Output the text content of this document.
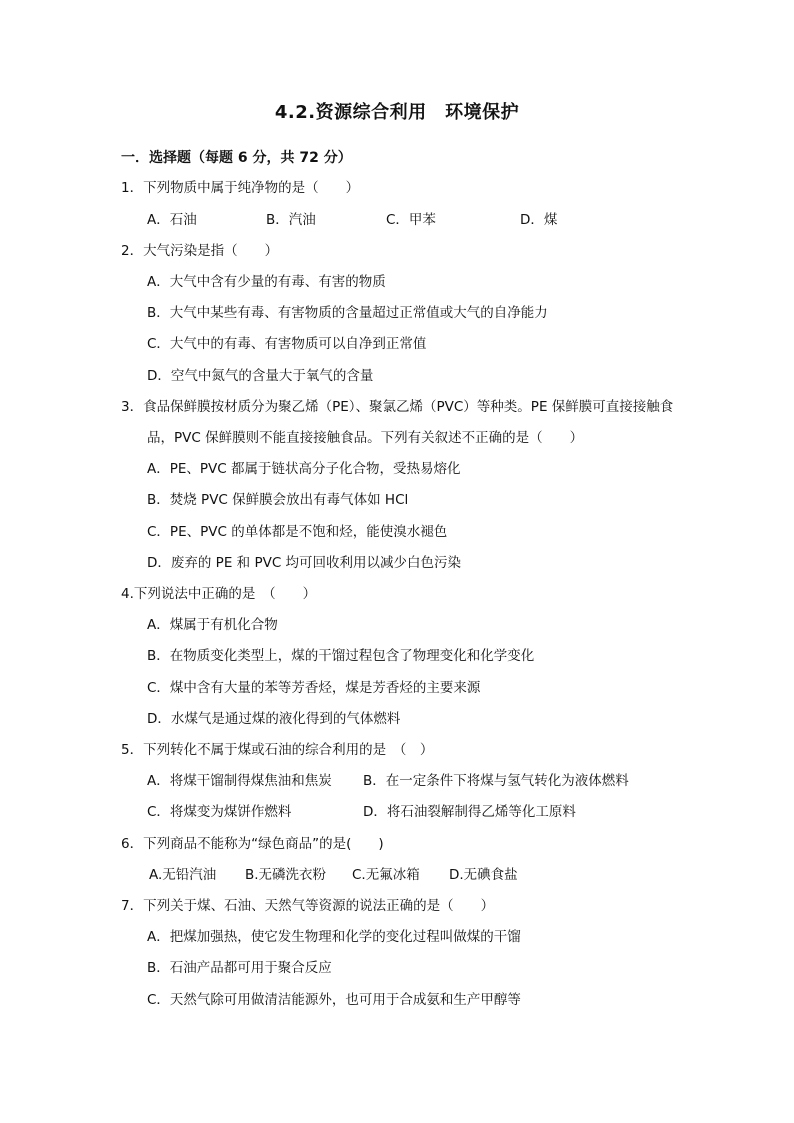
4.2.资源综合利用　环境保护
一．选择题（每题 6 分，共 72 分）
1．下列物质中属于纯净物的是（　　）
A．石油	B．汽油	C．甲苯	D．煤
2．大气污染是指（　　）
A．大气中含有少量的有毒、有害的物质
B．大气中某些有毒、有害物质的含量超过正常值或大气的自净能力
C．大气中的有毒、有害物质可以自净到正常值
D．空气中氮气的含量大于氧气的含量
3．食品保鲜膜按材质分为聚乙烯（PE）、聚氯乙烯（PVC）等种类。PE 保鲜膜可直接接触食
品，PVC 保鲜膜则不能直接接触食品。下列有关叙述不正确的是（　　）
A．PE、PVC 都属于链状高分子化合物，受热易熔化
B．焚烧 PVC 保鲜膜会放出有毒气体如 HCl
C．PE、PVC 的单体都是不饱和烃，能使溴水褪色
D．废弃的 PE 和 PVC 均可回收利用以减少白色污染
4.下列说法中正确的是　（　　）
A．煤属于有机化合物
B．在物质变化类型上，煤的干馏过程包含了物理变化和化学变化
C．煤中含有大量的苯等芳香烃，煤是芳香烃的主要来源
D．水煤气是通过煤的液化得到的气体燃料
5．下列转化不属于煤或石油的综合利用的是　（　）
A．将煤干馏制得煤焦油和焦炭 B．在一定条件下将煤与氢气转化为液体燃料
C．将煤变为煤饼作燃料	D．将石油裂解制得乙烯等化工原料
6．下列商品不能称为“绿色商品”的是(　　)
A.无铅汽油 B.无磷洗衣粉 C.无氟冰箱 D.无碘食盐
7．下列关于煤、石油、天然气等资源的说法正确的是（　　）
A．把煤加强热，使它发生物理和化学的变化过程叫做煤的干馏
B．石油产品都可用于聚合反应
C．天然气除可用做清洁能源外，也可用于合成氨和生产甲醇等
